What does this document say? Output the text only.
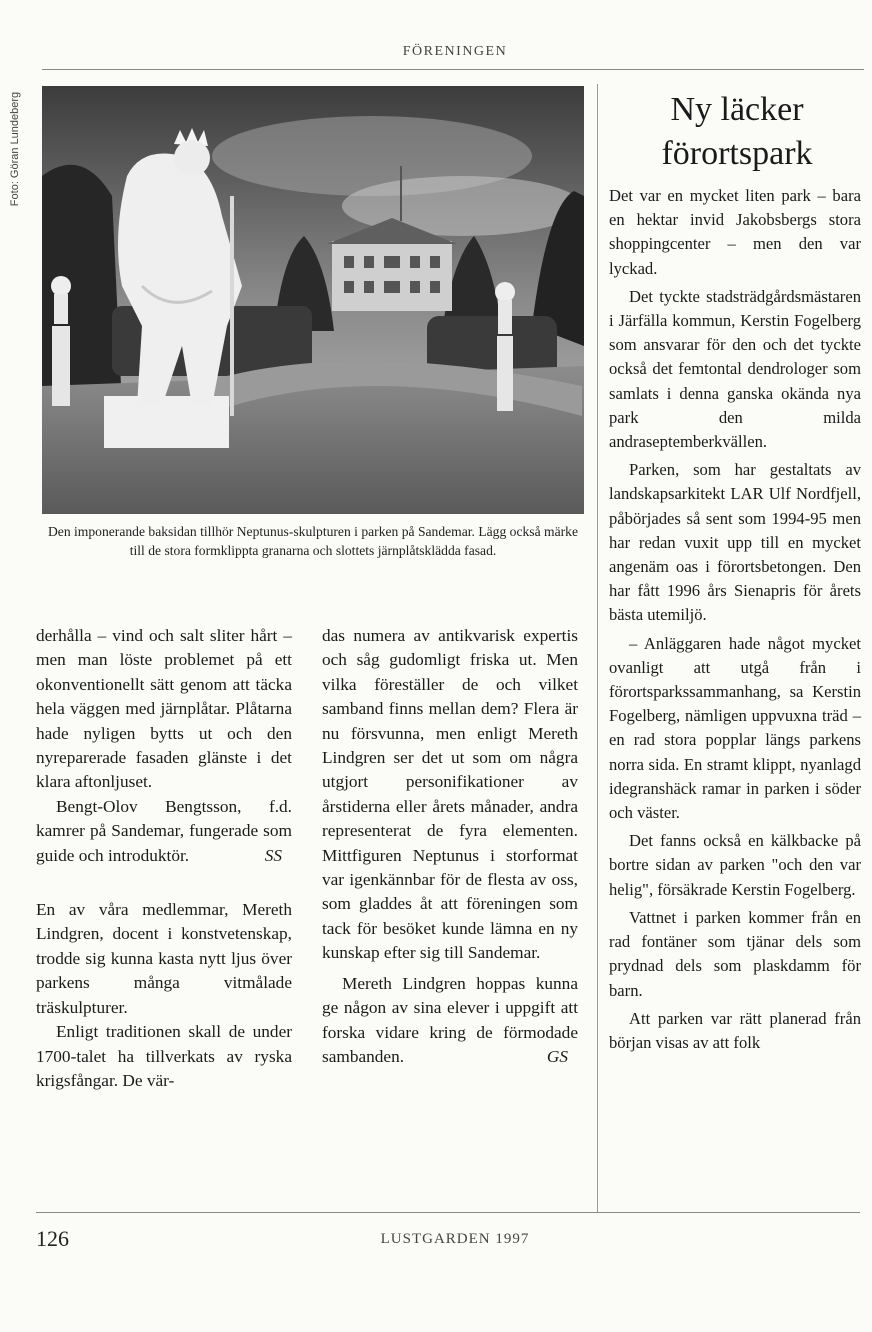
FÖRENINGEN
Foto: Göran Lundeberg
Den imponerande baksidan tillhör Neptunus-skulpturen i parken på Sandemar. Lägg också märke till de stora formklippta granarna och slottets järnplåtsklädda fasad.

derhålla – vind och salt sliter hårt – men man löste problemet på ett okonventionellt sätt genom att täcka hela väggen med järnplåtar. Plåtarna hade nyligen bytts ut och den nyreparerade fasaden glänste i det klara aftonljuset.

Bengt-Olov Bengtsson, f.d. kamrer på Sandemar, fungerade som guide och introduktör.	SS

En av våra medlemmar, Mereth Lindgren, docent i konstvetenskap, trodde sig kunna kasta nytt ljus över parkens många vitmålade träskulpturer.

Enligt traditionen skall de under 1700-talet ha tillverkats av ryska krigsfångar. De vär-

das numera av antikvarisk expertis och såg gudomligt friska ut. Men vilka föreställer de och vilket samband finns mellan dem? Flera är nu försvunna, men enligt Mereth Lindgren ser det ut som om några utgjort personifikationer av årstiderna eller årets månader, andra representerat de fyra elementen. Mittfiguren Neptunus i storformat var igenkännbar för de flesta av oss, som gladdes åt att föreningen som tack för besöket kunde lämna en ny kunskap efter sig till Sandemar.

Mereth Lindgren hoppas kunna ge någon av sina elever i uppgift att forska vidare kring de förmodade sambanden.	GS

Ny läcker förortspark

Det var en mycket liten park – bara en hektar invid Jakobsbergs stora shoppingcenter – men den var lyckad.

Det tyckte stadsträdgårdsmästaren i Järfälla kommun, Kerstin Fogelberg som ansvarar för den och det tyckte också det femtontal dendrologer som samlats i denna ganska okända nya park den milda andraseptemberkvällen.

Parken, som har gestaltats av landskapsarkitekt LAR Ulf Nordfjell, påbörjades så sent som 1994-95 men har redan vuxit upp till en mycket angenäm oas i förortsbetongen. Den har fått 1996 års Sienapris för årets bästa utemiljö.

– Anläggaren hade något mycket ovanligt att utgå från i förortsparkssammanhang, sa Kerstin Fogelberg, nämligen uppvuxna träd – en rad stora popplar längs parkens norra sida. En stramt klippt, nyanlagd idegranshäck ramar in parken i söder och väster.

Det fanns också en kälkbacke på bortre sidan av parken "och den var helig", försäkrade Kerstin Fogelberg.

Vattnet i parken kommer från en rad fontäner som tjänar dels som prydnad dels som plaskdamm för barn.

Att parken var rätt planerad från början visas av att folk

126	LUSTGARDEN 1997
